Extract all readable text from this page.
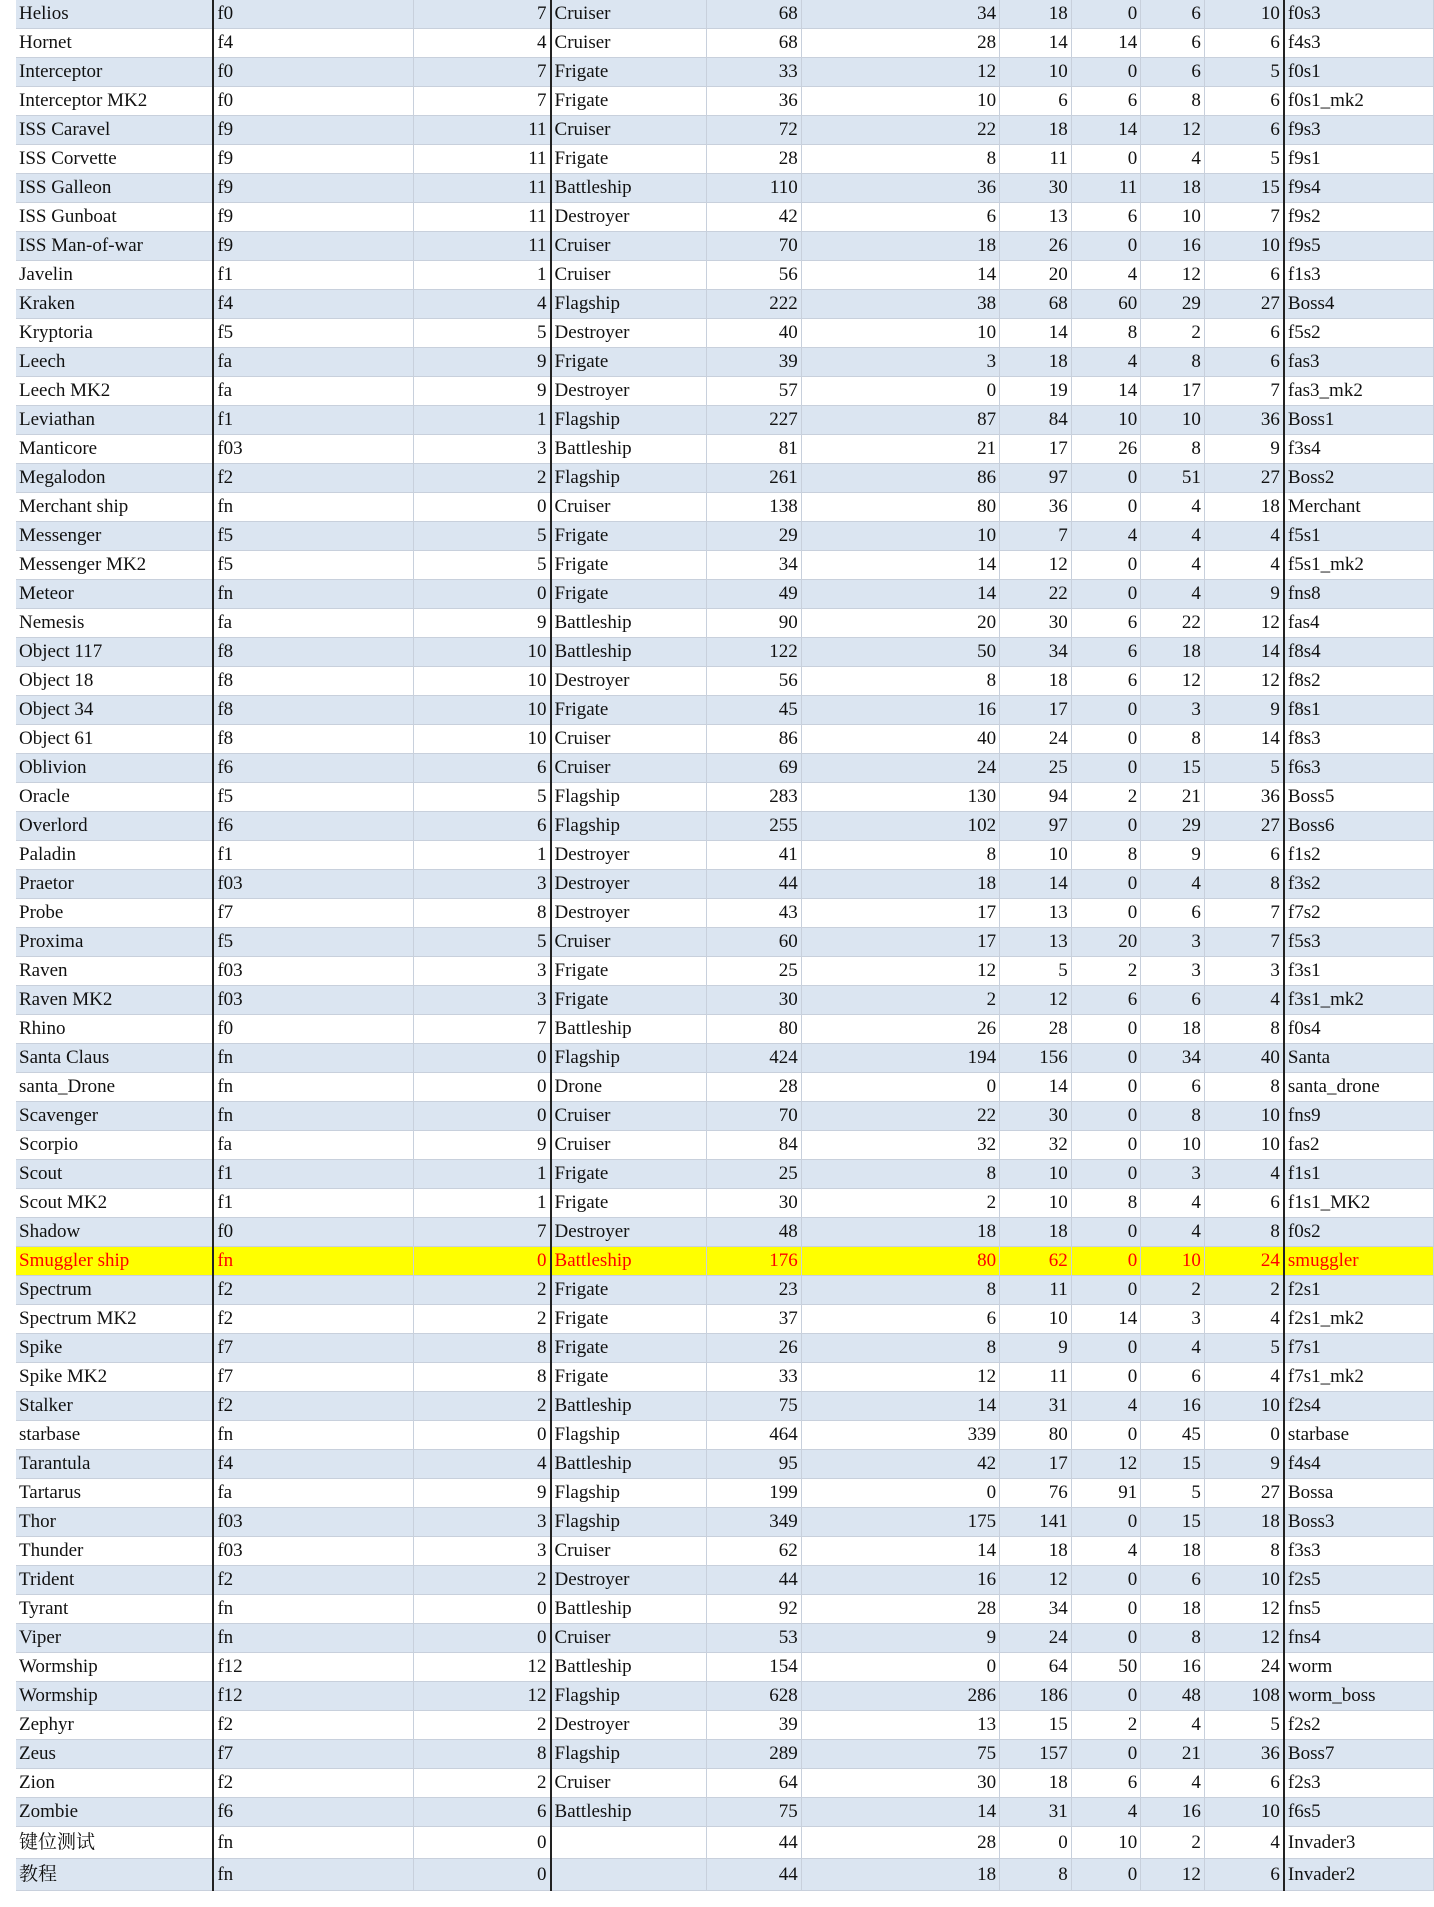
Helios	f0	7	Cruiser	68	34	18	0	6	10	f0s3
Hornet	f4	4	Cruiser	68	28	14	14	6	6	f4s3
Interceptor	f0	7	Frigate	33	12	10	0	6	5	f0s1
Interceptor MK2	f0	7	Frigate	36	10	6	6	8	6	f0s1_mk2
ISS Caravel	f9	11	Cruiser	72	22	18	14	12	6	f9s3
ISS Corvette	f9	11	Frigate	28	8	11	0	4	5	f9s1
ISS Galleon	f9	11	Battleship	110	36	30	11	18	15	f9s4
ISS Gunboat	f9	11	Destroyer	42	6	13	6	10	7	f9s2
ISS Man-of-war	f9	11	Cruiser	70	18	26	0	16	10	f9s5
Javelin	f1	1	Cruiser	56	14	20	4	12	6	f1s3
Kraken	f4	4	Flagship	222	38	68	60	29	27	Boss4
Kryptoria	f5	5	Destroyer	40	10	14	8	2	6	f5s2
Leech	fa	9	Frigate	39	3	18	4	8	6	fas3
Leech MK2	fa	9	Destroyer	57	0	19	14	17	7	fas3_mk2
Leviathan	f1	1	Flagship	227	87	84	10	10	36	Boss1
Manticore	f03	3	Battleship	81	21	17	26	8	9	f3s4
Megalodon	f2	2	Flagship	261	86	97	0	51	27	Boss2
Merchant ship	fn	0	Cruiser	138	80	36	0	4	18	Merchant
Messenger	f5	5	Frigate	29	10	7	4	4	4	f5s1
Messenger MK2	f5	5	Frigate	34	14	12	0	4	4	f5s1_mk2
Meteor	fn	0	Frigate	49	14	22	0	4	9	fns8
Nemesis	fa	9	Battleship	90	20	30	6	22	12	fas4
Object 117	f8	10	Battleship	122	50	34	6	18	14	f8s4
Object 18	f8	10	Destroyer	56	8	18	6	12	12	f8s2
Object 34	f8	10	Frigate	45	16	17	0	3	9	f8s1
Object 61	f8	10	Cruiser	86	40	24	0	8	14	f8s3
Oblivion	f6	6	Cruiser	69	24	25	0	15	5	f6s3
Oracle	f5	5	Flagship	283	130	94	2	21	36	Boss5
Overlord	f6	6	Flagship	255	102	97	0	29	27	Boss6
Paladin	f1	1	Destroyer	41	8	10	8	9	6	f1s2
Praetor	f03	3	Destroyer	44	18	14	0	4	8	f3s2
Probe	f7	8	Destroyer	43	17	13	0	6	7	f7s2
Proxima	f5	5	Cruiser	60	17	13	20	3	7	f5s3
Raven	f03	3	Frigate	25	12	5	2	3	3	f3s1
Raven MK2	f03	3	Frigate	30	2	12	6	6	4	f3s1_mk2
Rhino	f0	7	Battleship	80	26	28	0	18	8	f0s4
Santa Claus	fn	0	Flagship	424	194	156	0	34	40	Santa
santa_Drone	fn	0	Drone	28	0	14	0	6	8	santa_drone
Scavenger	fn	0	Cruiser	70	22	30	0	8	10	fns9
Scorpio	fa	9	Cruiser	84	32	32	0	10	10	fas2
Scout	f1	1	Frigate	25	8	10	0	3	4	f1s1
Scout MK2	f1	1	Frigate	30	2	10	8	4	6	f1s1_MK2
Shadow	f0	7	Destroyer	48	18	18	0	4	8	f0s2
Smuggler ship	fn	0	Battleship	176	80	62	0	10	24	smuggler
Spectrum	f2	2	Frigate	23	8	11	0	2	2	f2s1
Spectrum MK2	f2	2	Frigate	37	6	10	14	3	4	f2s1_mk2
Spike	f7	8	Frigate	26	8	9	0	4	5	f7s1
Spike MK2	f7	8	Frigate	33	12	11	0	6	4	f7s1_mk2
Stalker	f2	2	Battleship	75	14	31	4	16	10	f2s4
starbase	fn	0	Flagship	464	339	80	0	45	0	starbase
Tarantula	f4	4	Battleship	95	42	17	12	15	9	f4s4
Tartarus	fa	9	Flagship	199	0	76	91	5	27	Bossa
Thor	f03	3	Flagship	349	175	141	0	15	18	Boss3
Thunder	f03	3	Cruiser	62	14	18	4	18	8	f3s3
Trident	f2	2	Destroyer	44	16	12	0	6	10	f2s5
Tyrant	fn	0	Battleship	92	28	34	0	18	12	fns5
Viper	fn	0	Cruiser	53	9	24	0	8	12	fns4
Wormship	f12	12	Battleship	154	0	64	50	16	24	worm
Wormship	f12	12	Flagship	628	286	186	0	48	108	worm_boss
Zephyr	f2	2	Destroyer	39	13	15	2	4	5	f2s2
Zeus	f7	8	Flagship	289	75	157	0	21	36	Boss7
Zion	f2	2	Cruiser	64	30	18	6	4	6	f2s3
Zombie	f6	6	Battleship	75	14	31	4	16	10	f6s5
键位测试	fn	0		44	28	0	10	2	4	Invader3
教程	fn	0		44	18	8	0	12	6	Invader2
